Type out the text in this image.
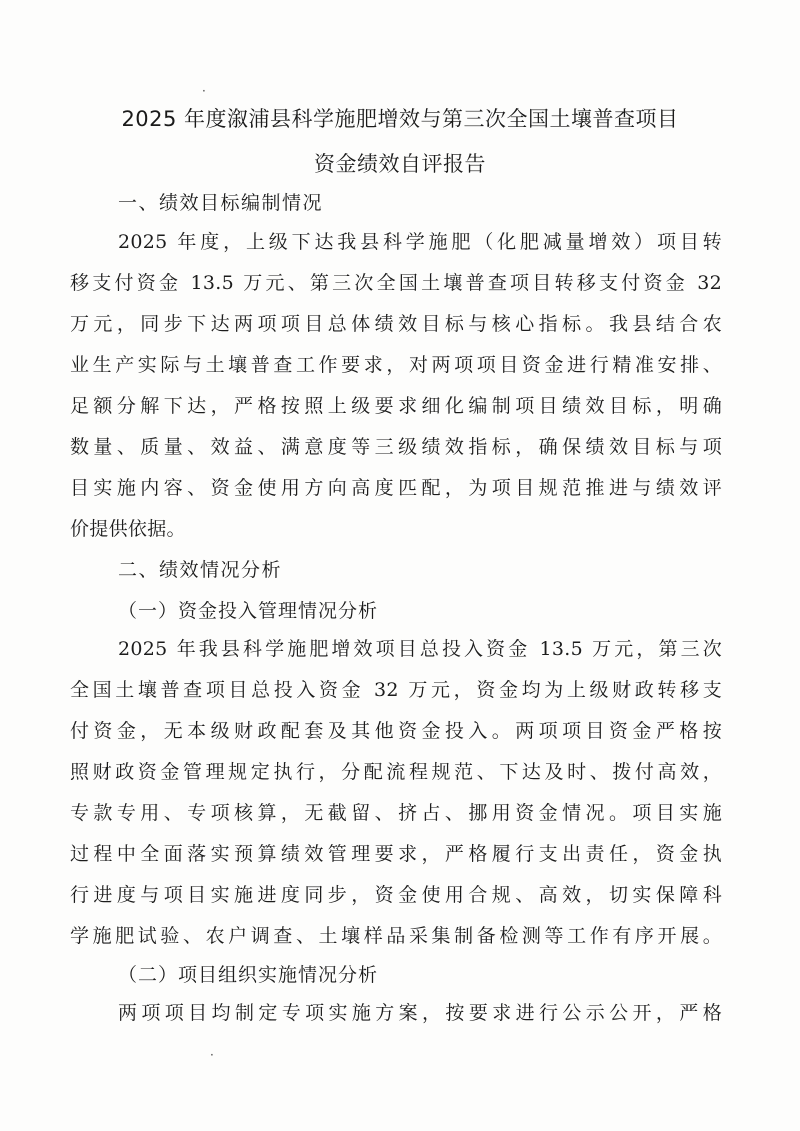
·
·
2025 年度溆浦县科学施肥增效与第三次全国土壤普查项目
资金绩效自评报告
一、绩效目标编制情况
2025 年度，上级下达我县科学施肥（化肥减量增效）项目转
移支付资金 13.5 万元、第三次全国土壤普查项目转移支付资金 32
万元，同步下达两项项目总体绩效目标与核心指标。我县结合农
业生产实际与土壤普查工作要求，对两项项目资金进行精准安排、
足额分解下达，严格按照上级要求细化编制项目绩效目标，明确
数量、质量、效益、满意度等三级绩效指标，确保绩效目标与项
目实施内容、资金使用方向高度匹配，为项目规范推进与绩效评
价提供依据。
二、绩效情况分析
（一）资金投入管理情况分析
2025 年我县科学施肥增效项目总投入资金 13.5 万元，第三次
全国土壤普查项目总投入资金 32 万元，资金均为上级财政转移支
付资金，无本级财政配套及其他资金投入。两项项目资金严格按
照财政资金管理规定执行，分配流程规范、下达及时、拨付高效，
专款专用、专项核算，无截留、挤占、挪用资金情况。项目实施
过程中全面落实预算绩效管理要求，严格履行支出责任，资金执
行进度与项目实施进度同步，资金使用合规、高效，切实保障科
学施肥试验、农户调查、土壤样品采集制备检测等工作有序开展。
（二）项目组织实施情况分析
两项项目均制定专项实施方案，按要求进行公示公开，严格
